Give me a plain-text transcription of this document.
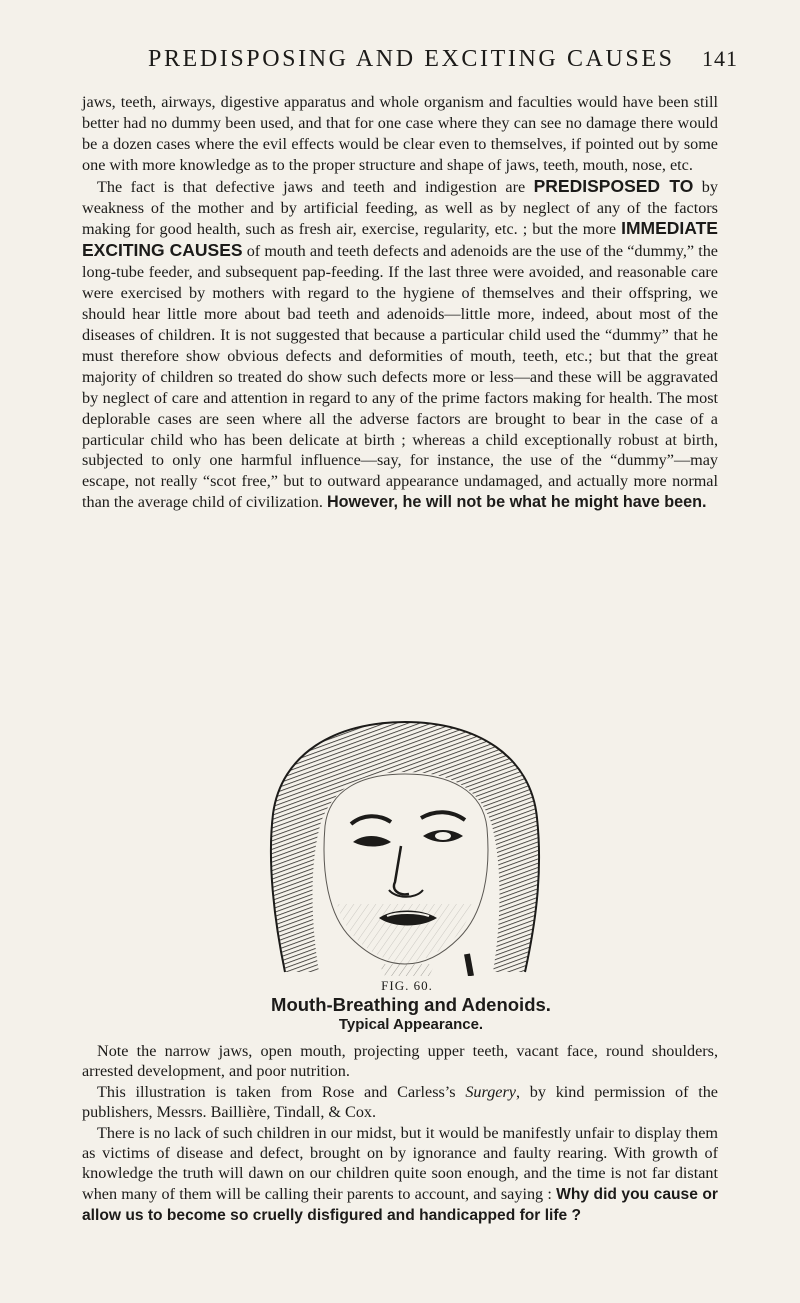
PREDISPOSING AND EXCITING CAUSES 141

jaws, teeth, airways, digestive apparatus and whole organism and faculties would have been still better had no dummy been used, and that for one case where they can see no damage there would be a dozen cases where the evil effects would be clear even to themselves, if pointed out by some one with more knowledge as to the proper structure and shape of jaws, teeth, mouth, nose, etc.

The fact is that defective jaws and teeth and indigestion are PREDISPOSED TO by weakness of the mother and by artificial feeding, as well as by neglect of any of the factors making for good health, such as fresh air, exercise, regularity, etc. ; but the more IMMEDIATE EXCITING CAUSES of mouth and teeth defects and adenoids are the use of the “dummy,” the long-tube feeder, and subsequent pap-feeding. If the last three were avoided, and reasonable care were exercised by mothers with regard to the hygiene of themselves and their offspring, we should hear little more about bad teeth and adenoids—little more, indeed, about most of the diseases of children. It is not suggested that because a particular child used the “dummy” that he must therefore show obvious defects and deformities of mouth, teeth, etc.; but that the great majority of children so treated do show such defects more or less—and these will be aggravated by neglect of care and attention in regard to any of the prime factors making for health. The most deplorable cases are seen where all the adverse factors are brought to bear in the case of a particular child who has been delicate at birth ; whereas a child exceptionally robust at birth, subjected to only one harmful influence—say, for instance, the use of the “dummy”—may escape, not really “scot free,” but to outward appearance undamaged, and actually more normal than the average child of civilization. However, he will not be what he might have been.

FIG. 60.
Mouth-Breathing and Adenoids.
Typical Appearance.

Note the narrow jaws, open mouth, projecting upper teeth, vacant face, round shoulders, arrested development, and poor nutrition.

This illustration is taken from Rose and Carless’s Surgery, by kind permission of the publishers, Messrs. Baillière, Tindall, & Cox.

There is no lack of such children in our midst, but it would be manifestly unfair to display them as victims of disease and defect, brought on by ignorance and faulty rearing. With growth of knowledge the truth will dawn on our children quite soon enough, and the time is not far distant when many of them will be calling their parents to account, and saying : Why did you cause or allow us to become so cruelly disfigured and handicapped for life ?
